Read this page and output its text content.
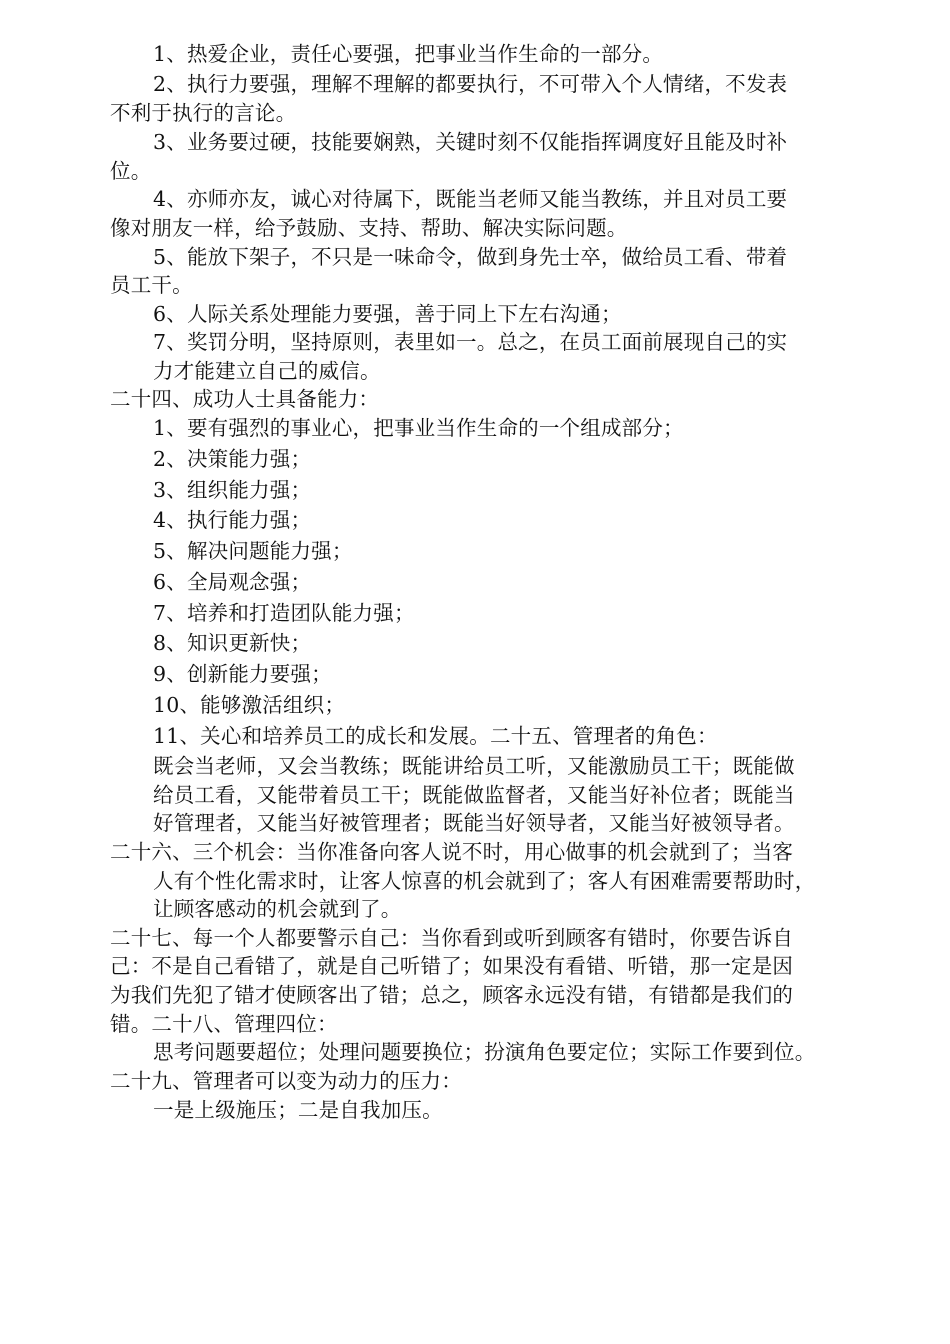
1、热爱企业，责任心要强，把事业当作生命的一部分。
2、执行力要强，理解不理解的都要执行，不可带入个人情绪，不发表
不利于执行的言论。
3、业务要过硬，技能要娴熟，关键时刻不仅能指挥调度好且能及时补
位。
4、亦师亦友，诚心对待属下，既能当老师又能当教练，并且对员工要
像对朋友一样，给予鼓励、支持、帮助、解决实际问题。
5、能放下架子，不只是一味命令，做到身先士卒，做给员工看、带着
员工干。
6、人际关系处理能力要强，善于同上下左右沟通；
7、奖罚分明，坚持原则，表里如一。总之，在员工面前展现自己的实
力才能建立自己的威信。
二十四、成功人士具备能力：
1、要有强烈的事业心，把事业当作生命的一个组成部分；
2、决策能力强；
3、组织能力强；
4、执行能力强；
5、解决问题能力强；
6、全局观念强；
7、培养和打造团队能力强；
8、知识更新快；
9、创新能力要强；
10、能够激活组织；
11、关心和培养员工的成长和发展。二十五、管理者的角色：
既会当老师，又会当教练；既能讲给员工听，又能激励员工干；既能做
给员工看，又能带着员工干；既能做监督者，又能当好补位者；既能当
好管理者，又能当好被管理者；既能当好领导者，又能当好被领导者。
二十六、三个机会：当你准备向客人说不时，用心做事的机会就到了；当客
人有个性化需求时，让客人惊喜的机会就到了；客人有困难需要帮助时，
让顾客感动的机会就到了。
二十七、每一个人都要警示自己：当你看到或听到顾客有错时，你要告诉自
己：不是自己看错了，就是自己听错了；如果没有看错、听错，那一定是因
为我们先犯了错才使顾客出了错；总之，顾客永远没有错，有错都是我们的
错。二十八、管理四位：
思考问题要超位；处理问题要换位；扮演角色要定位；实际工作要到位。
二十九、管理者可以变为动力的压力：
一是上级施压；二是自我加压。
